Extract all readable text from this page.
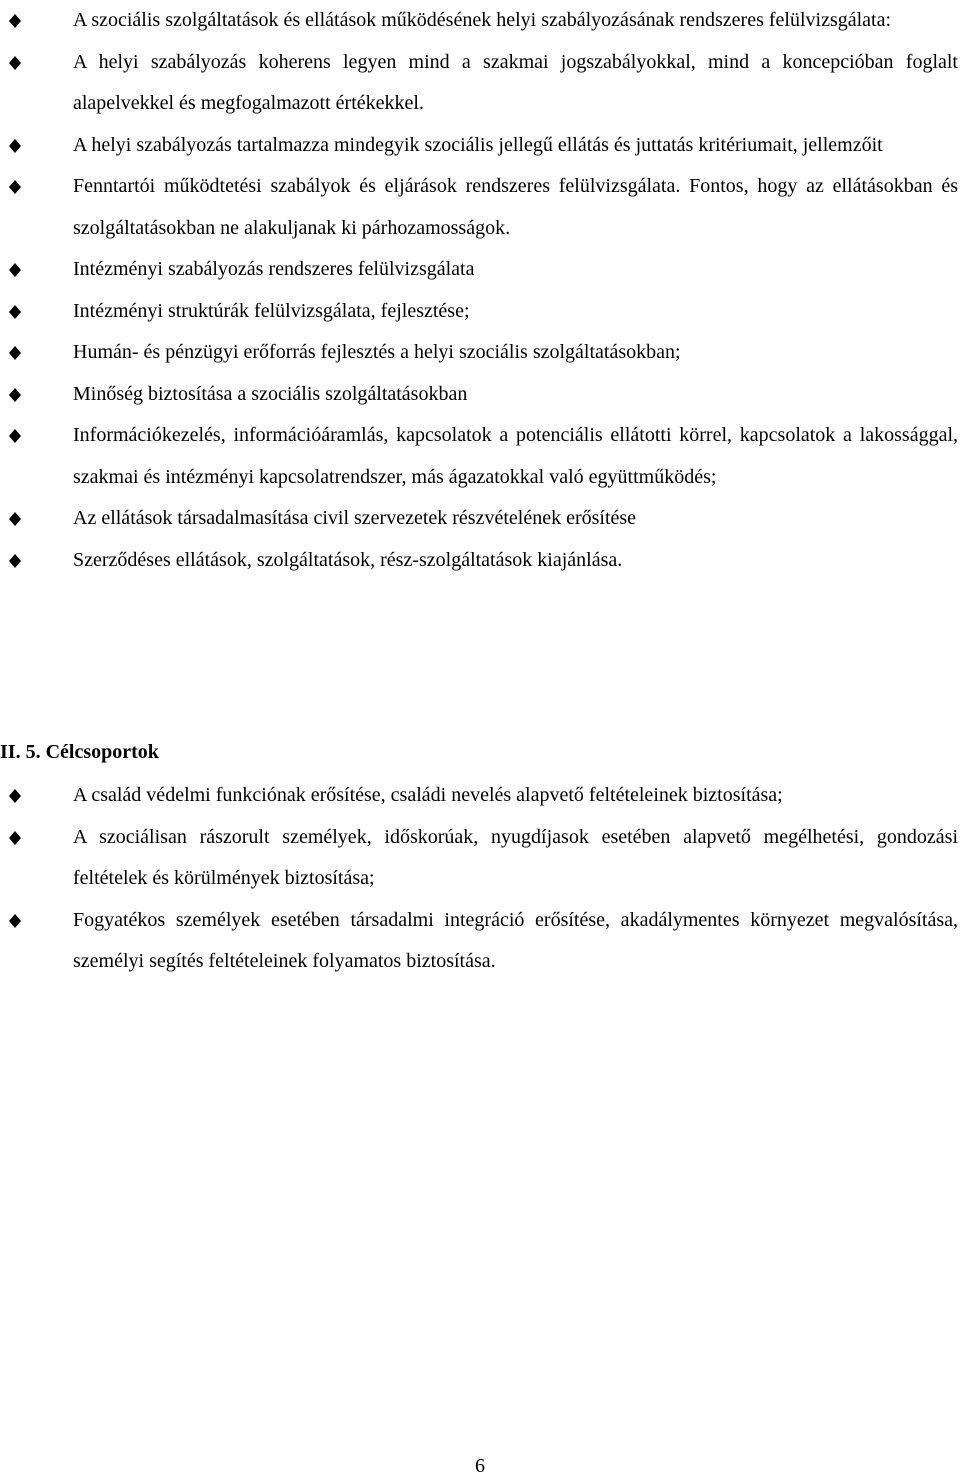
A szociális szolgáltatások és ellátások működésének helyi szabályozásának rendszeres felülvizsgálata:
A helyi szabályozás koherens legyen mind a szakmai jogszabályokkal, mind a koncepcióban foglalt alapelvekkel és megfogalmazott értékekkel.
A helyi szabályozás tartalmazza mindegyik szociális jellegű ellátás és juttatás kritériumait, jellemzőit
Fenntartói működtetési szabályok és eljárások rendszeres felülvizsgálata. Fontos, hogy az ellátásokban és szolgáltatásokban ne alakuljanak ki párhozamosságok.
Intézményi szabályozás rendszeres felülvizsgálata
Intézményi struktúrák felülvizsgálata, fejlesztése;
Humán- és pénzügyi erőforrás fejlesztés a helyi szociális szolgáltatásokban;
Minőség biztosítása a szociális szolgáltatásokban
Információkezelés, információáramlás, kapcsolatok a potenciális ellátotti körrel, kapcsolatok a lakossággal, szakmai és intézményi kapcsolatrendszer, más ágazatokkal való együttműködés;
Az ellátások társadalmasítása civil szervezetek részvételének erősítése
Szerződéses ellátások, szolgáltatások, rész-szolgáltatások kiajánlása.
II. 5. Célcsoportok
A család védelmi funkciónak erősítése, családi nevelés alapvető feltételeinek biztosítása;
A szociálisan rászorult személyek, időskorúak, nyugdíjasok esetében alapvető megélhetési, gondozási feltételek és körülmények biztosítása;
Fogyatékos személyek esetében társadalmi integráció erősítése, akadálymentes környezet megvalósítása, személyi segítés feltételeinek folyamatos biztosítása.
6
